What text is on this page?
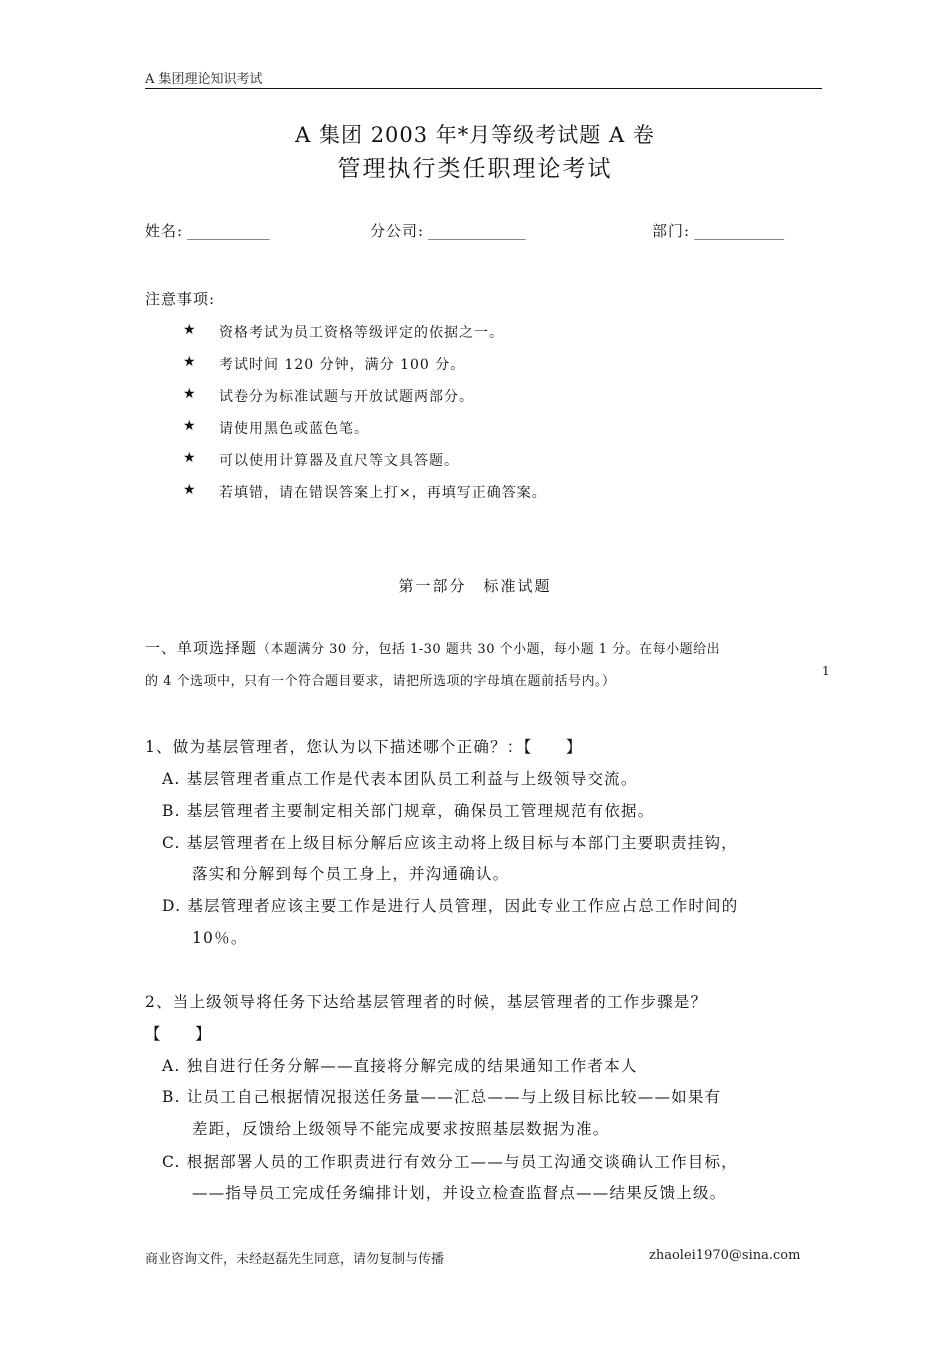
A 集团理论知识考试
A 集团 2003 年*月等级考试题 A 卷
管理执行类任职理论考试
姓名: ___________	分公司: _____________	部门: ____________
注意事项:
★ 资格考试为员工资格等级评定的依据之一。
★ 考试时间 120 分钟，满分 100 分。
★ 试卷分为标准试题与开放试题两部分。
★ 请使用黑色或蓝色笔。
★ 可以使用计算器及直尺等文具答题。
★ 若填错，请在错误答案上打×，再填写正确答案。
第一部分　标准试题
一、单项选择题（本题满分 30 分，包括 1-30 题共 30 个小题，每小题 1 分。在每小题给出
的 4 个选项中，只有一个符合题目要求，请把所选项的字母填在题前括号内。）
1
1、做为基层管理者，您认为以下描述哪个正确？：【　　】
A. 基层管理者重点工作是代表本团队员工利益与上级领导交流。
B. 基层管理者主要制定相关部门规章，确保员工管理规范有依据。
C. 基层管理者在上级目标分解后应该主动将上级目标与本部门主要职责挂钩，
落实和分解到每个员工身上，并沟通确认。
D. 基层管理者应该主要工作是进行人员管理，因此专业工作应占总工作时间的
10％。
2、当上级领导将任务下达给基层管理者的时候，基层管理者的工作步骤是？
【　　】
A. 独自进行任务分解——直接将分解完成的结果通知工作者本人
B. 让员工自己根据情况报送任务量——汇总——与上级目标比较——如果有
差距，反馈给上级领导不能完成要求按照基层数据为准。
C. 根据部署人员的工作职责进行有效分工——与员工沟通交谈确认工作目标，
——指导员工完成任务编排计划，并设立检查监督点——结果反馈上级。
商业咨询文件，未经赵磊先生同意，请勿复制与传播	zhaolei1970@sina.com
